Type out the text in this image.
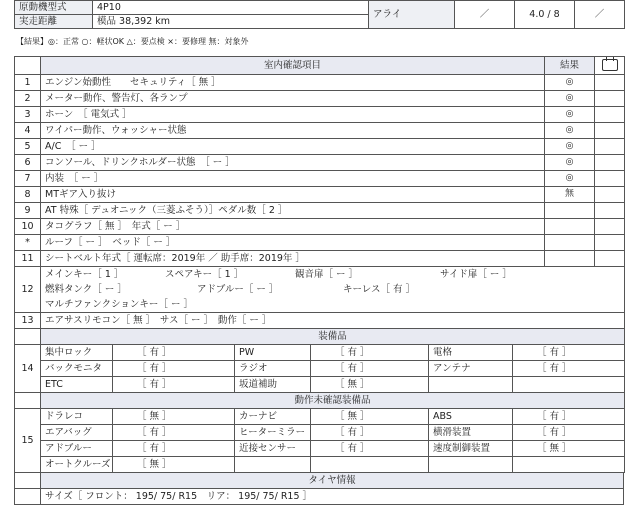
原動機型式	4P10	アライ	／	4.0 / 8	／
実走距離	模品 38,392 km				
【結果】◎：正常 ○：軽状OK △：要点検 ×：要修理 無：対象外
	室内確認項目	結果	
1	エンジン始動性　　セキュリティ［ 無 ］	◎	
2	メーター動作、警告灯、各ランプ	◎	
3	ホーン　［ 電気式 ］	◎	
4	ワイパー動作、ウォッシャー状態	◎	
5	A/C　［ ー ］	◎	
6	コンソール、ドリンクホルダー状態　［ ー ］	◎	
7	内装　［ ー ］	◎	
8	MTギア入り抜け	無	
9	AT 特殊［ デュオニック（三菱ふそう）］ペダル数［ 2 ］		
10	タコグラフ［ 無 ］　年式［ ー ］		
*	ルーフ［ ー ］　ベッド［ ー ］		
11	シートベルト年式［ 運転席：2019年 ／ 助手席：2019年 ］		
12	メインキー［ 1 ］ スペアキー［ 1 ］ 観音扉［ ー ］ サイド扉［ ー ］		
	燃料タンク［ ー ］ アドブルー［ ー ］ キーレス［ 有 ］		
	マルチファンクションキー［ ー ］		
13	エアサスリモコン［ 無 ］　サス［ ー ］　動作［ ー ］		
	装備品					
14	集中ロック	［ 有 ］	PW	［ 有 ］	電格	［ 有 ］
	バックモニタ	［ 有 ］	ラジオ	［ 有 ］	アンテナ	［ 有 ］
	ETC	［ 有 ］	坂道補助	［ 無 ］		
	動作未確認装備品					
15	ドラレコ	［ 無 ］	カーナビ	［ 無 ］	ABS	［ 有 ］
	エアバッグ	［ 有 ］	ヒーターミラー	［ 有 ］	横滑装置	［ 有 ］
	アドブルー	［ 有 ］	近接センサー	［ 有 ］	速度制御装置	［ 無 ］
	オートクルーズ	［ 無 ］				
	タイヤ情報
	サイズ［ フロント： 195/ 75/ R15　リア： 195/ 75/ R15 ］
